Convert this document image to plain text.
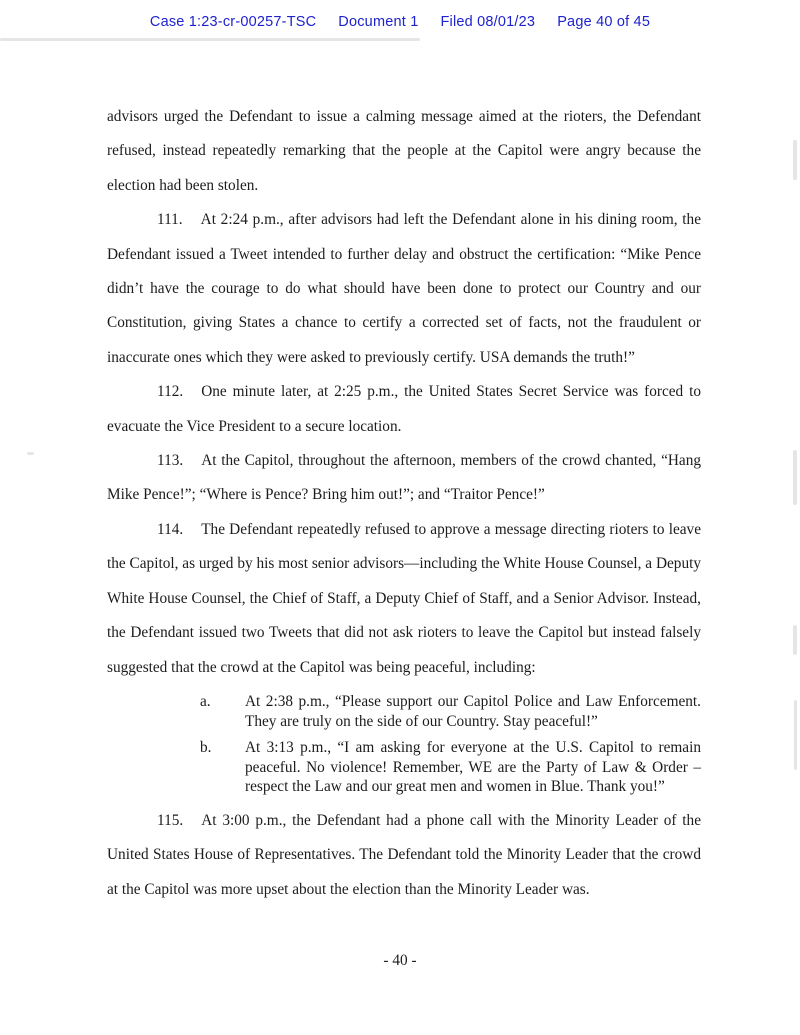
Case 1:23-cr-00257-TSC Document 1 Filed 08/01/23 Page 40 of 45

advisors urged the Defendant to issue a calming message aimed at the rioters, the Defendant refused, instead repeatedly remarking that the people at the Capitol were angry because the election had been stolen.

111. At 2:24 p.m., after advisors had left the Defendant alone in his dining room, the Defendant issued a Tweet intended to further delay and obstruct the certification: “Mike Pence didn’t have the courage to do what should have been done to protect our Country and our Constitution, giving States a chance to certify a corrected set of facts, not the fraudulent or inaccurate ones which they were asked to previously certify. USA demands the truth!”

112. One minute later, at 2:25 p.m., the United States Secret Service was forced to evacuate the Vice President to a secure location.

113. At the Capitol, throughout the afternoon, members of the crowd chanted, “Hang Mike Pence!”; “Where is Pence? Bring him out!”; and “Traitor Pence!”

114. The Defendant repeatedly refused to approve a message directing rioters to leave the Capitol, as urged by his most senior advisors—including the White House Counsel, a Deputy White House Counsel, the Chief of Staff, a Deputy Chief of Staff, and a Senior Advisor. Instead, the Defendant issued two Tweets that did not ask rioters to leave the Capitol but instead falsely suggested that the crowd at the Capitol was being peaceful, including:

a.	At 2:38 p.m., “Please support our Capitol Police and Law Enforcement. They are truly on the side of our Country. Stay peaceful!”
b.	At 3:13 p.m., “I am asking for everyone at the U.S. Capitol to remain peaceful. No violence! Remember, WE are the Party of Law & Order – respect the Law and our great men and women in Blue. Thank you!”

115. At 3:00 p.m., the Defendant had a phone call with the Minority Leader of the United States House of Representatives. The Defendant told the Minority Leader that the crowd at the Capitol was more upset about the election than the Minority Leader was.

- 40 -
